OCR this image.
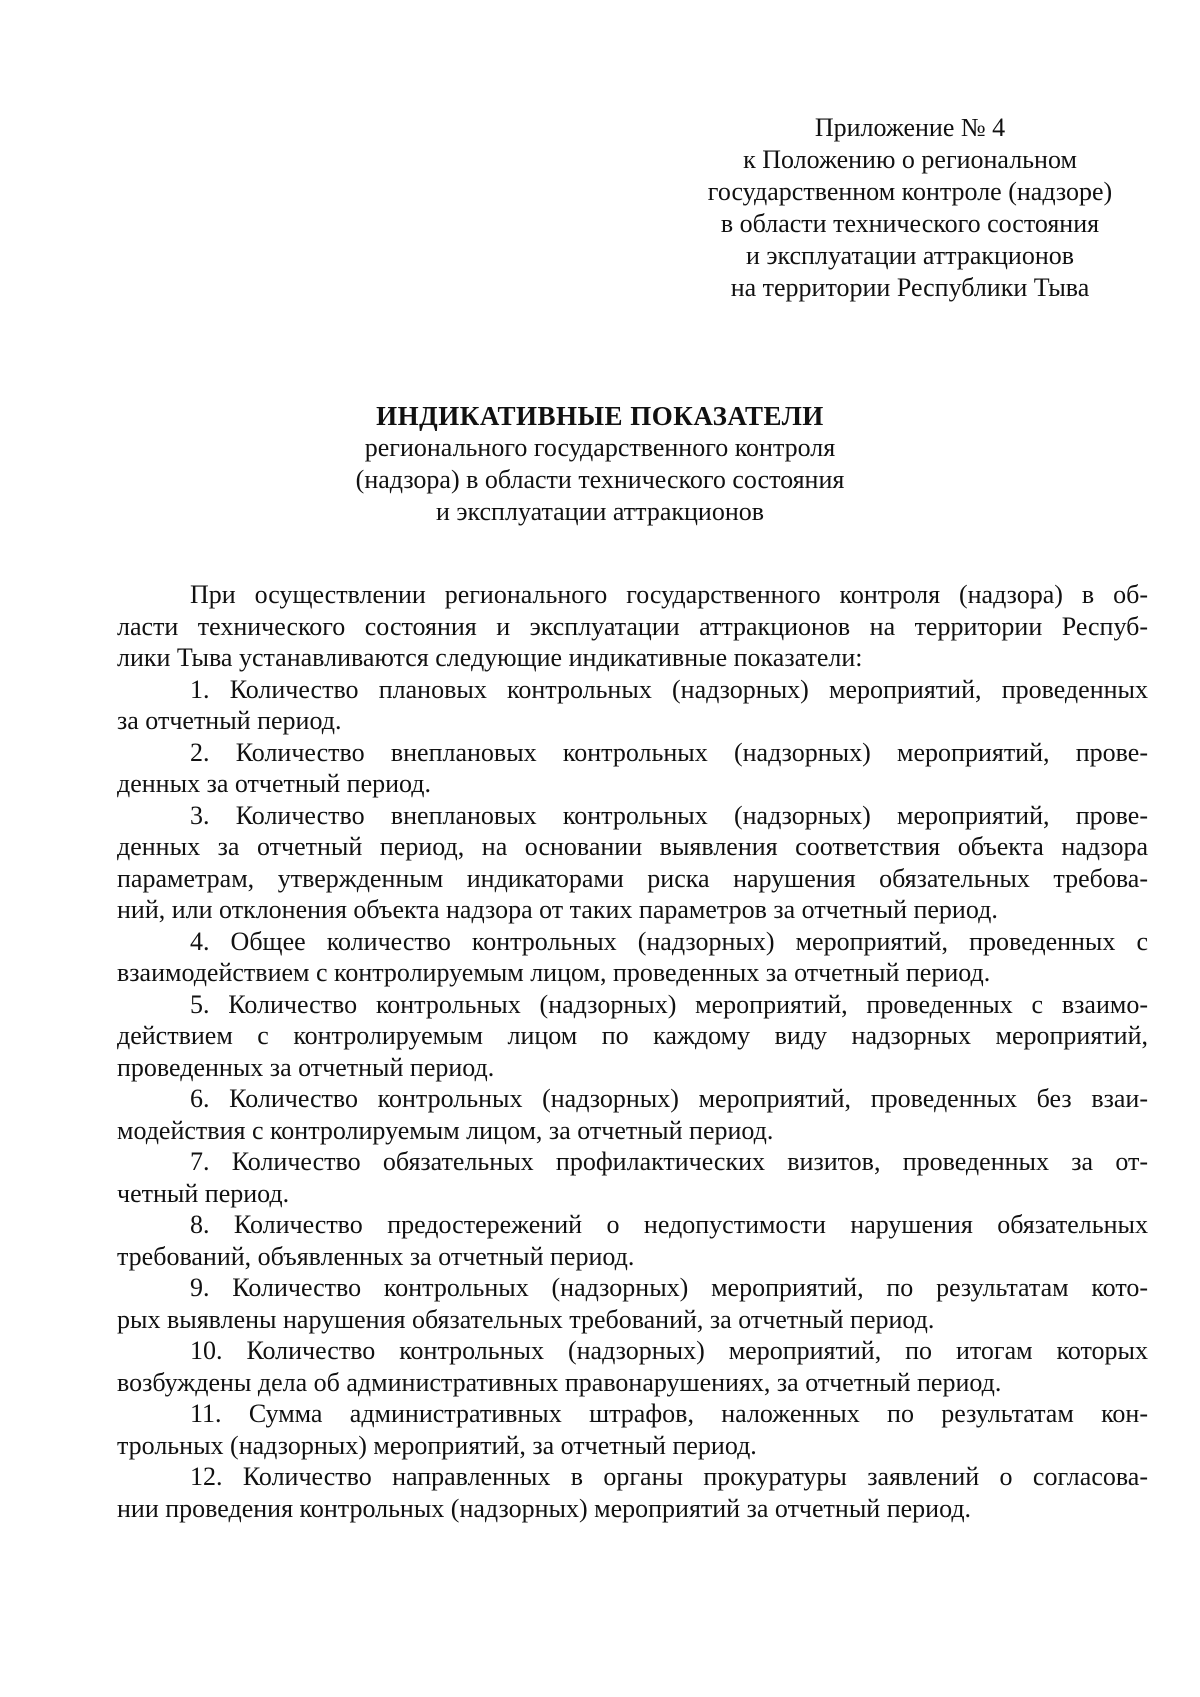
Приложение № 4
к Положению о региональном
государственном контроле (надзоре)
в области технического состояния
и эксплуатации аттракционов
на территории Республики Тыва
ИНДИКАТИВНЫЕ ПОКАЗАТЕЛИ
регионального государственного контроля
(надзора) в области технического состояния
и эксплуатации аттракционов
При осуществлении регионального государственного контроля (надзора) в об-
ласти технического состояния и эксплуатации аттракционов на территории Респуб-
лики Тыва устанавливаются следующие индикативные показатели:
1. Количество плановых контрольных (надзорных) мероприятий, проведенных
за отчетный период.
2. Количество внеплановых контрольных (надзорных) мероприятий, прове-
денных за отчетный период.
3. Количество внеплановых контрольных (надзорных) мероприятий, прове-
денных за отчетный период, на основании выявления соответствия объекта надзора
параметрам, утвержденным индикаторами риска нарушения обязательных требова-
ний, или отклонения объекта надзора от таких параметров за отчетный период.
4. Общее количество контрольных (надзорных) мероприятий, проведенных с
взаимодействием с контролируемым лицом, проведенных за отчетный период.
5. Количество контрольных (надзорных) мероприятий, проведенных с взаимо-
действием с контролируемым лицом по каждому виду надзорных мероприятий,
проведенных за отчетный период.
6. Количество контрольных (надзорных) мероприятий, проведенных без взаи-
модействия с контролируемым лицом, за отчетный период.
7. Количество обязательных профилактических визитов, проведенных за от-
четный период.
8. Количество предостережений о недопустимости нарушения обязательных
требований, объявленных за отчетный период.
9. Количество контрольных (надзорных) мероприятий, по результатам кото-
рых выявлены нарушения обязательных требований, за отчетный период.
10. Количество контрольных (надзорных) мероприятий, по итогам которых
возбуждены дела об административных правонарушениях, за отчетный период.
11. Сумма административных штрафов, наложенных по результатам кон-
трольных (надзорных) мероприятий, за отчетный период.
12. Количество направленных в органы прокуратуры заявлений о согласова-
нии проведения контрольных (надзорных) мероприятий за отчетный период.
